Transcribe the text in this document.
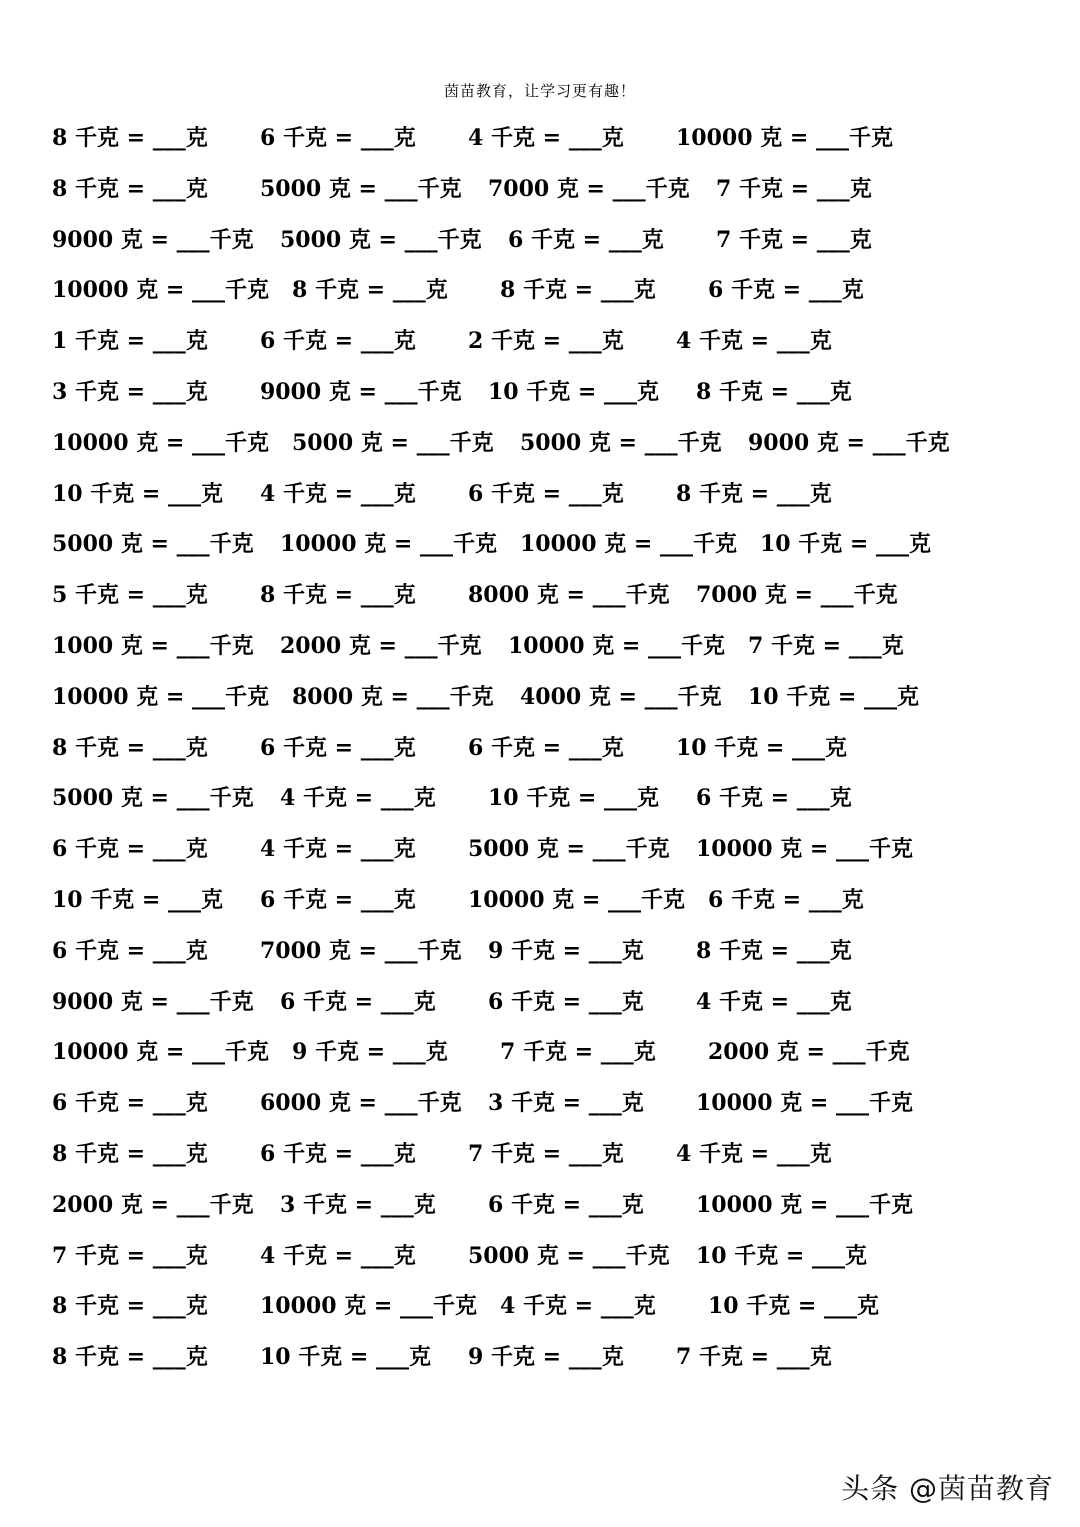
茵苗教育，让学习更有趣！
8 千克 = ___克 6 千克 = ___克 4 千克 = ___克 10000 克 = ___千克
8 千克 = ___克 5000 克 = ___千克 7000 克 = ___千克 7 千克 = ___克
9000 克 = ___千克 5000 克 = ___千克 6 千克 = ___克 7 千克 = ___克
10000 克 = ___千克 8 千克 = ___克 8 千克 = ___克 6 千克 = ___克
1 千克 = ___克 6 千克 = ___克 2 千克 = ___克 4 千克 = ___克
3 千克 = ___克 9000 克 = ___千克 10 千克 = ___克 8 千克 = ___克
10000 克 = ___千克 5000 克 = ___千克 5000 克 = ___千克 9000 克 = ___千克
10 千克 = ___克 4 千克 = ___克 6 千克 = ___克 8 千克 = ___克
5000 克 = ___千克 10000 克 = ___千克 10000 克 = ___千克 10 千克 = ___克
5 千克 = ___克 8 千克 = ___克 8000 克 = ___千克 7000 克 = ___千克
1000 克 = ___千克 2000 克 = ___千克 10000 克 = ___千克 7 千克 = ___克
10000 克 = ___千克 8000 克 = ___千克 4000 克 = ___千克 10 千克 = ___克
8 千克 = ___克 6 千克 = ___克 6 千克 = ___克 10 千克 = ___克
5000 克 = ___千克 4 千克 = ___克 10 千克 = ___克 6 千克 = ___克
6 千克 = ___克 4 千克 = ___克 5000 克 = ___千克 10000 克 = ___千克
10 千克 = ___克 6 千克 = ___克 10000 克 = ___千克 6 千克 = ___克
6 千克 = ___克 7000 克 = ___千克 9 千克 = ___克 8 千克 = ___克
9000 克 = ___千克 6 千克 = ___克 6 千克 = ___克 4 千克 = ___克
10000 克 = ___千克 9 千克 = ___克 7 千克 = ___克 2000 克 = ___千克
6 千克 = ___克 6000 克 = ___千克 3 千克 = ___克 10000 克 = ___千克
8 千克 = ___克 6 千克 = ___克 7 千克 = ___克 4 千克 = ___克
2000 克 = ___千克 3 千克 = ___克 6 千克 = ___克 10000 克 = ___千克
7 千克 = ___克 4 千克 = ___克 5000 克 = ___千克 10 千克 = ___克
8 千克 = ___克 10000 克 = ___千克 4 千克 = ___克 10 千克 = ___克
8 千克 = ___克 10 千克 = ___克 9 千克 = ___克 7 千克 = ___克
头条 @茵苗教育
